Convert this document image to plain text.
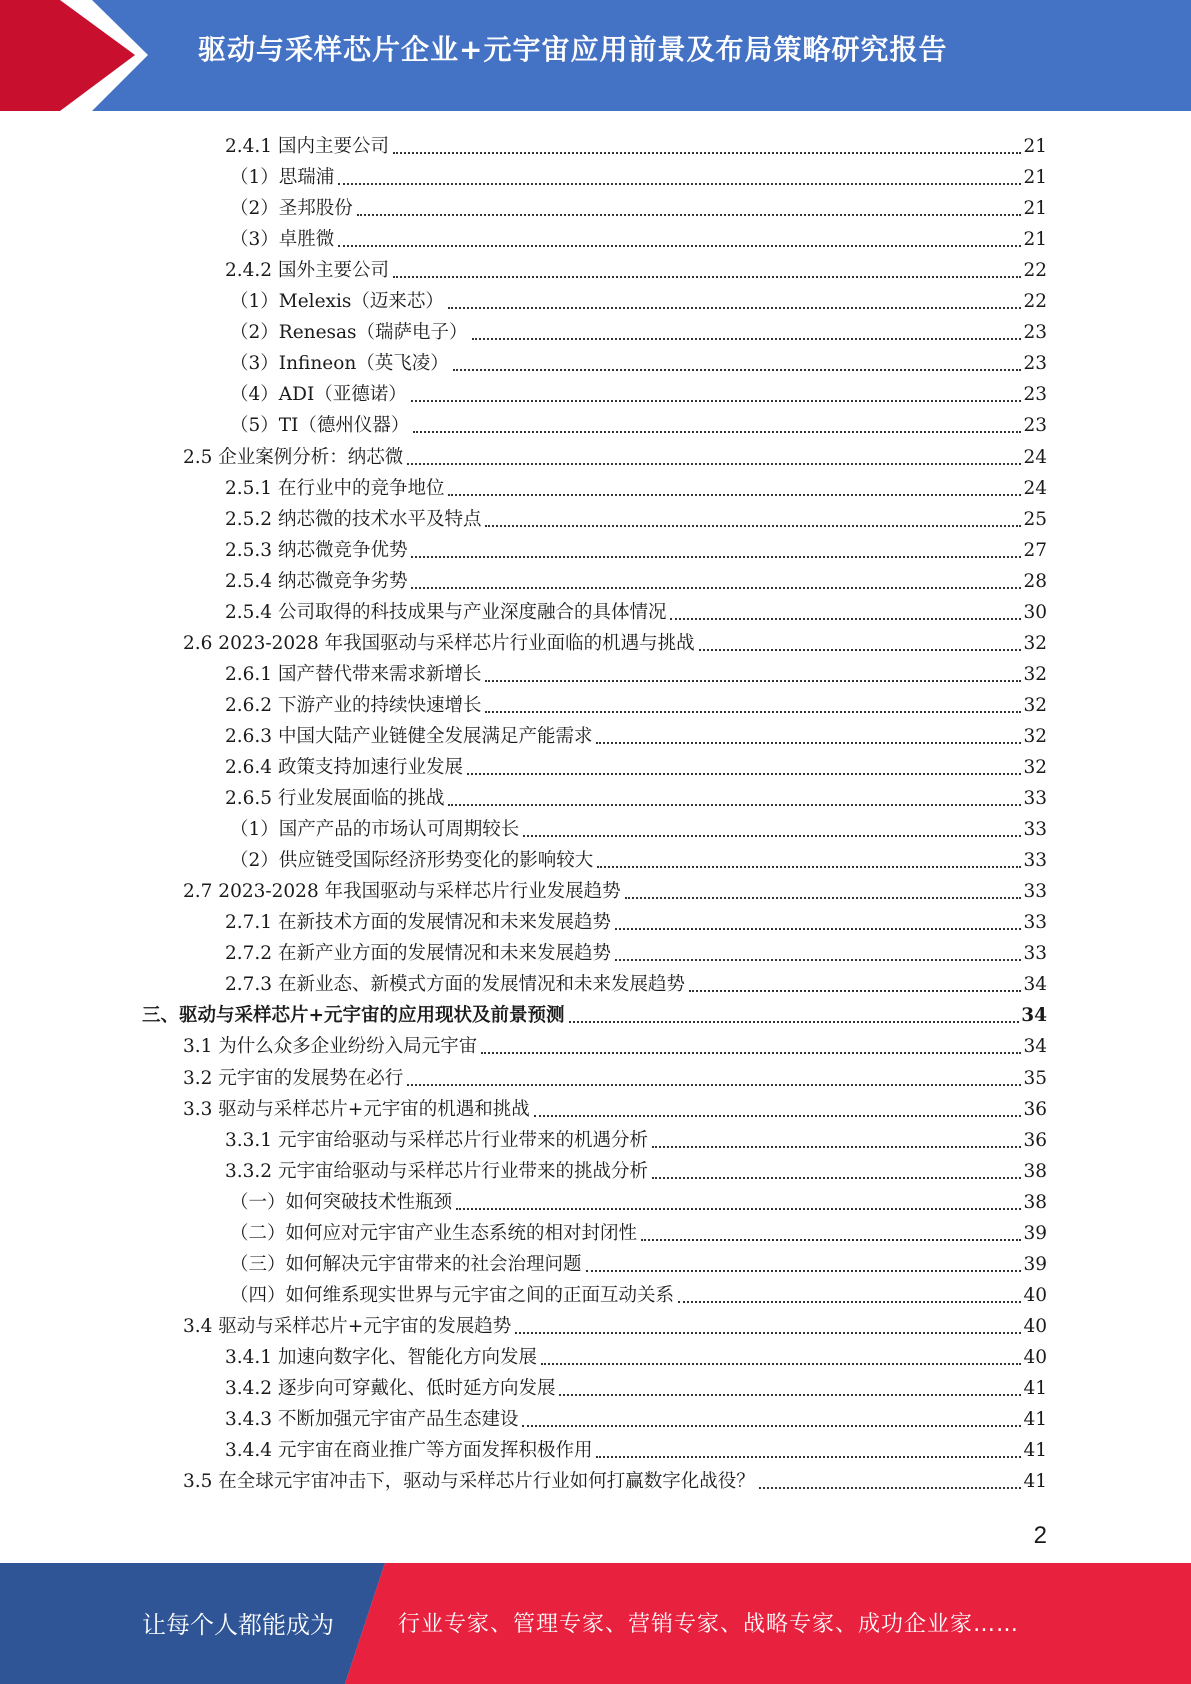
驱动与采样芯片企业+元宇宙应用前景及布局策略研究报告
2.4.1 国内主要公司	21
（1）思瑞浦	21
（2）圣邦股份	21
（3）卓胜微	21
2.4.2 国外主要公司	22
（1）Melexis（迈来芯）	22
（2）Renesas（瑞萨电子）	23
（3）Infineon（英飞凌）	23
（4）ADI（亚德诺）	23
（5）TI（德州仪器）	23
2.5 企业案例分析：纳芯微	24
2.5.1 在行业中的竞争地位	24
2.5.2 纳芯微的技术水平及特点	25
2.5.3 纳芯微竞争优势	27
2.5.4 纳芯微竞争劣势	28
2.5.4 公司取得的科技成果与产业深度融合的具体情况	30
2.6 2023-2028 年我国驱动与采样芯片行业面临的机遇与挑战	32
2.6.1 国产替代带来需求新增长	32
2.6.2 下游产业的持续快速增长	32
2.6.3 中国大陆产业链健全发展满足产能需求	32
2.6.4 政策支持加速行业发展	32
2.6.5 行业发展面临的挑战	33
（1）国产产品的市场认可周期较长	33
（2）供应链受国际经济形势变化的影响较大	33
2.7 2023-2028 年我国驱动与采样芯片行业发展趋势	33
2.7.1 在新技术方面的发展情况和未来发展趋势	33
2.7.2 在新产业方面的发展情况和未来发展趋势	33
2.7.3 在新业态、新模式方面的发展情况和未来发展趋势	34
三、驱动与采样芯片+元宇宙的应用现状及前景预测	34
3.1 为什么众多企业纷纷入局元宇宙	34
3.2 元宇宙的发展势在必行	35
3.3 驱动与采样芯片+元宇宙的机遇和挑战	36
3.3.1 元宇宙给驱动与采样芯片行业带来的机遇分析	36
3.3.2 元宇宙给驱动与采样芯片行业带来的挑战分析	38
（一）如何突破技术性瓶颈	38
（二）如何应对元宇宙产业生态系统的相对封闭性	39
（三）如何解决元宇宙带来的社会治理问题	39
（四）如何维系现实世界与元宇宙之间的正面互动关系	40
3.4 驱动与采样芯片+元宇宙的发展趋势	40
3.4.1 加速向数字化、智能化方向发展	40
3.4.2 逐步向可穿戴化、低时延方向发展	41
3.4.3 不断加强元宇宙产品生态建设	41
3.4.4 元宇宙在商业推广等方面发挥积极作用	41
3.5 在全球元宇宙冲击下，驱动与采样芯片行业如何打赢数字化战役？	41
2
让每个人都能成为	行业专家、管理专家、营销专家、战略专家、成功企业家……
